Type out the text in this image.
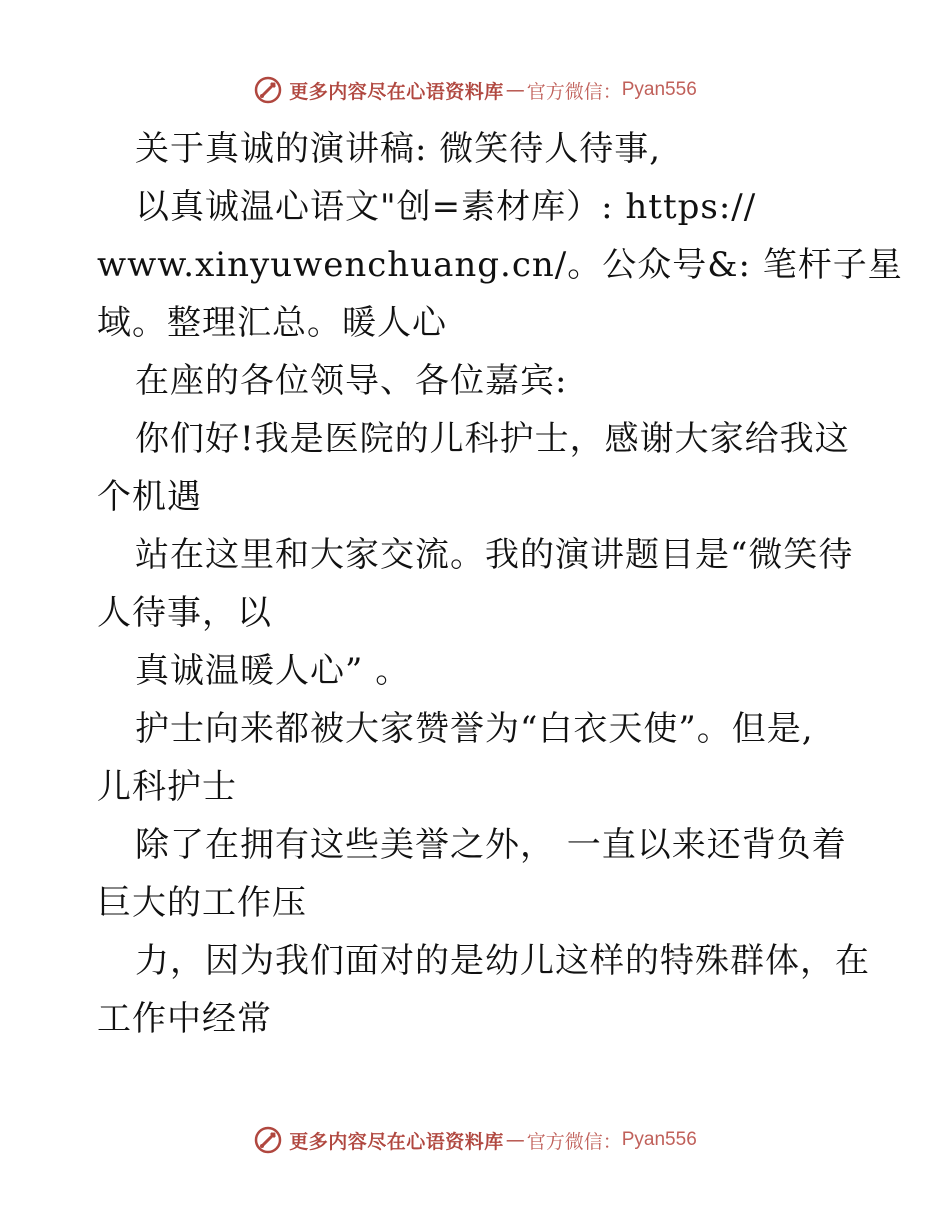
更多内容尽在心语资料库 — 官方微信： Pyan556
关于真诚的演讲稿: 微笑待人待事,
以真诚温心语文"创=素材库）: https://
www.xinyuwenchuang.cn/。公众号&: 笔杆子星
域。整理汇总。暖人心
在座的各位领导、各位嘉宾:
你们好!我是医院的儿科护士，感谢大家给我这
个机遇
站在这里和大家交流。我的演讲题目是“微笑待
人待事，以
真诚温暖人心” 。
护士向来都被大家赞誉为“白衣天使”。但是,
儿科护士
除了在拥有这些美誉之外， 一直以来还背负着
巨大的工作压
力，因为我们面对的是幼儿这样的特殊群体，在
工作中经常
更多内容尽在心语资料库 — 官方微信： Pyan556
